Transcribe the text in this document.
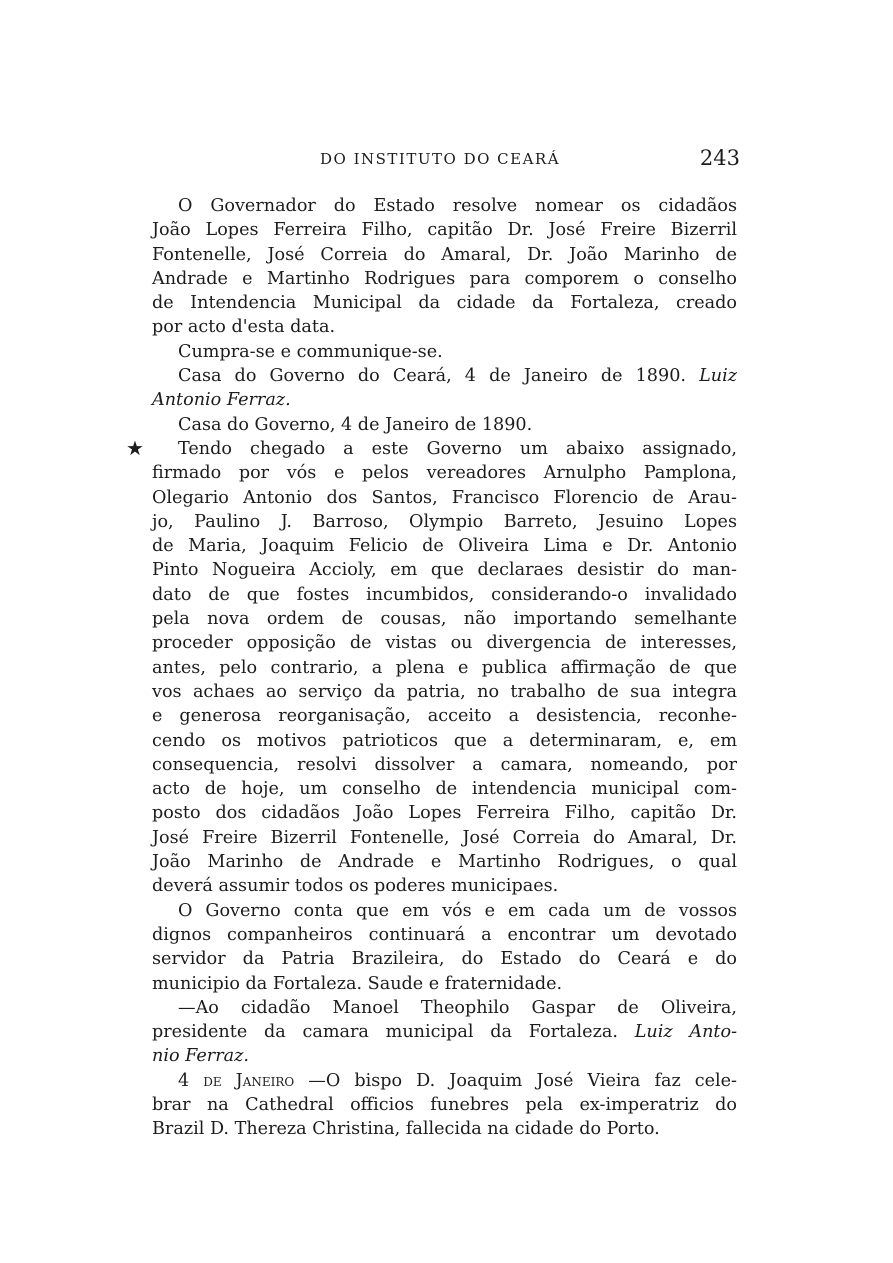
DO INSTITUTO DO CEARÁ	243
★
O Governador do Estado resolve nomear os cidadãos
João Lopes Ferreira Filho, capitão Dr. José Freire Bizerril
Fontenelle, José Correia do Amaral, Dr. João Marinho de
Andrade e Martinho Rodrigues para comporem o conselho
de Intendencia Municipal da cidade da Fortaleza, creado
por acto d'esta data.
Cumpra-se e communique-se.
Casa do Governo do Ceará, 4 de Janeiro de 1890. Luiz
Antonio Ferraz.
Casa do Governo, 4 de Janeiro de 1890.
Tendo chegado a este Governo um abaixo assignado,
firmado por vós e pelos vereadores Arnulpho Pamplona,
Olegario Antonio dos Santos, Francisco Florencio de Arau-
jo, Paulino J. Barroso, Olympio Barreto, Jesuino Lopes
de Maria, Joaquim Felicio de Oliveira Lima e Dr. Antonio
Pinto Nogueira Accioly, em que declaraes desistir do man-
dato de que fostes incumbidos, considerando-o invalidado
pela nova ordem de cousas, não importando semelhante
proceder opposição de vistas ou divergencia de interesses,
antes, pelo contrario, a plena e publica affirmação de que
vos achaes ao serviço da patria, no trabalho de sua integra
e generosa reorganisação, acceito a desistencia, reconhe-
cendo os motivos patrioticos que a determinaram, e, em
consequencia, resolvi dissolver a camara, nomeando, por
acto de hoje, um conselho de intendencia municipal com-
posto dos cidadãos João Lopes Ferreira Filho, capitão Dr.
José Freire Bizerril Fontenelle, José Correia do Amaral, Dr.
João Marinho de Andrade e Martinho Rodrigues, o qual
deverá assumir todos os poderes municipaes.
O Governo conta que em vós e em cada um de vossos
dignos companheiros continuará a encontrar um devotado
servidor da Patria Brazileira, do Estado do Ceará e do
municipio da Fortaleza. Saude e fraternidade.
—Ao cidadão Manoel Theophilo Gaspar de Oliveira,
presidente da camara municipal da Fortaleza. Luiz Anto-
nio Ferraz.
4 de Janeiro —O bispo D. Joaquim José Vieira faz cele-
brar na Cathedral officios funebres pela ex-imperatriz do
Brazil D. Thereza Christina, fallecida na cidade do Porto.
